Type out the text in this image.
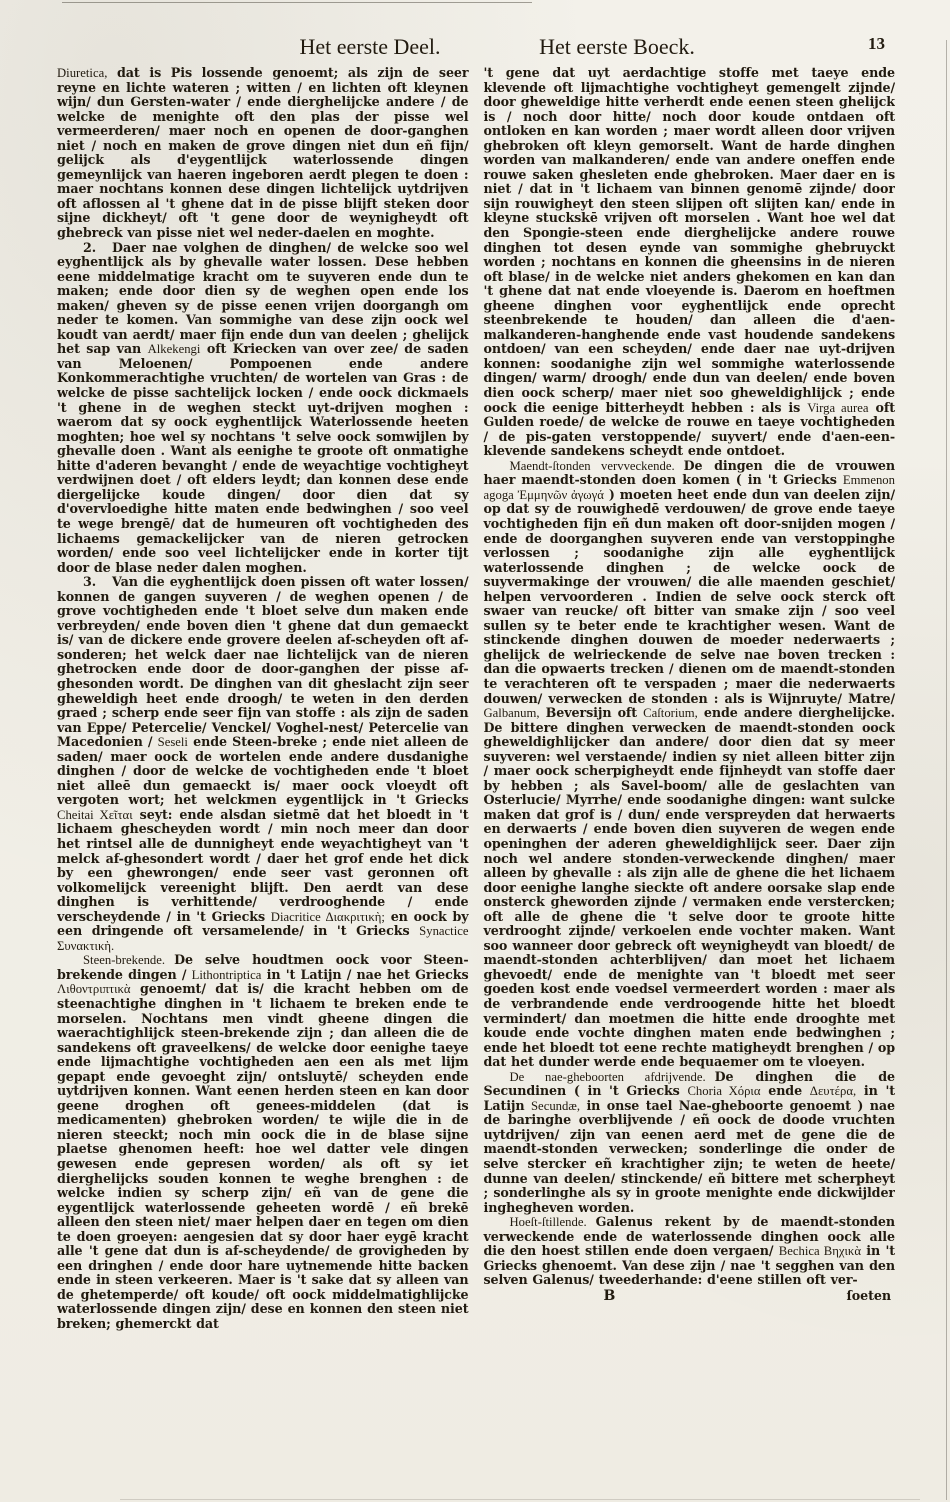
Het eerste Deel.	Het eerste Boeck.	13

Diuretica, dat is Pis lossende genoemt; als zijn de seer reyne en lichte wateren ; witten / en lichten oft kleynen wijn/ dun Gersten-water / ende dierghelijcke andere / de welcke de menighte oft den plas der pisse wel vermeerderen/ maer noch en openen de door-ganghen niet / noch en maken de grove dingen niet dun eñ fijn/ gelijck als d'eygentlijck waterlossende dingen gemeynlijck van haeren ingeboren aerdt plegen te doen : maer nochtans konnen dese dingen lichtelijck uytdrijven oft aflossen al 't ghene dat in de pisse blijft steken door sijne dickheyt/ oft 't gene door de weynigheydt oft ghebreck van pisse niet wel neder-daelen en moghte.

2. Daer nae volghen de dinghen/ de welcke soo wel eyghentlijck als by ghevalle water lossen. Dese hebben eene middelmatige kracht om te suyveren ende dun te maken; ende door dien sy de weghen open ende los maken/ gheven sy de pisse eenen vrijen doorgangh om neder te komen. Van sommighe van dese zijn oock wel koudt van aerdt/ maer fijn ende dun van deelen ; ghelijck het sap van Alkekengi oft Kriecken van over zee/ de saden van Meloenen/ Pompoenen ende andere Konkommerachtighe vruchten/ de wortelen van Gras : de welcke de pisse sachtelijck locken / ende oock dickmaels 't ghene in de weghen steckt uyt-drijven moghen : waerom dat sy oock eyghentlijck Waterlossende heeten moghten; hoe wel sy nochtans 't selve oock somwijlen by ghevalle doen . Want als eenighe te groote oft onmatighe hitte d'aderen bevanght / ende de weyachtige vochtigheyt verdwijnen doet / oft elders leydt; dan konnen dese ende diergelijcke koude dingen/ door dien dat sy d'overvloedighe hitte maten ende bedwinghen / soo veel te wege brengē/ dat de humeuren oft vochtigheden des lichaems gemackelijcker van de nieren getrocken worden/ ende soo veel lichtelijcker ende in korter tijt door de blase neder dalen moghen.

3. Van die eyghentlijck doen pissen oft water lossen/ konnen de gangen suyveren / de weghen openen / de grove vochtigheden ende 't bloet selve dun maken ende verbreyden/ ende boven dien 't ghene dat dun gemaeckt is/ van de dickere ende grovere deelen af-scheyden oft af-sonderen; het welck daer nae lichtelijck van de nieren ghetrocken ende door de door-ganghen der pisse af-ghesonden wordt. De dinghen van dit gheslacht zijn seer gheweldigh heet ende droogh/ te weten in den derden graed ; scherp ende seer fijn van stoffe : als zijn de saden van Eppe/ Petercelie/ Venckel/ Voghel-nest/ Petercelie van Macedonien / Seseli ende Steen-breke ; ende niet alleen de saden/ maer oock de wortelen ende andere dusdanighe dinghen / door de welcke de vochtigheden ende 't bloet niet alleē dun gemaeckt is/ maer oock vloeydt oft vergoten wort; het welckmen eygentlijck in 't Griecks Cheitai Χεῖται seyt: ende alsdan sietmē dat het bloedt in 't lichaem ghescheyden wordt / min noch meer dan door het rintsel alle de dunnigheyt ende weyachtigheyt van 't melck af-ghesondert wordt / daer het grof ende het dick by een ghewrongen/ ende seer vast geronnen oft volkomelijck vereenight blijft. Den aerdt van dese dinghen is verhittende/ verdrooghende / ende verscheydende / in 't Griecks Diacritice Διακριτικὴ; en oock by een dringende oft versamelende/ in 't Griecks Synactice Συνακτικὴ.

Steen-brekende. De selve houdtmen oock voor Steen-brekende dingen / Lithontriptica in 't Latijn / nae het Griecks Λιθοντριπτικὰ genoemt/ dat is/ die kracht hebben om de steenachtighe dinghen in 't lichaem te breken ende te morselen. Nochtans men vindt gheene dingen die waerachtighlijck steen-brekende zijn ; dan alleen die de sandekens oft graveelkens/ de welcke door eenighe taeye ende lijmachtighe vochtigheden aen een als met lijm gepapt ende gevoeght zijn/ ontsluytē/ scheyden ende uytdrijven konnen. Want eenen herden steen en kan door geene droghen oft genees-middelen (dat is medicamenten) ghebroken worden/ te wijle die in de nieren steeckt; noch min oock die in de blase sijne plaetse ghenomen heeft: hoe wel datter vele dingen gewesen ende gepresen worden/ als oft sy iet dierghelijcks souden konnen te weghe brenghen : de welcke indien sy scherp zijn/ eñ van de gene die eygentlijck waterlossende geheeten wordē / eñ brekē alleen den steen niet/ maer helpen daer en tegen om dien te doen groeyen: aengesien dat sy door haer eygē kracht alle 't gene dat dun is af-scheydende/ de grovigheden by een dringhen / ende door hare uytnemende hitte backen ende in steen verkeeren. Maer is 't sake dat sy alleen van de ghetemperde/ oft koude/ oft oock middelmatighlijcke waterlossende dingen zijn/ dese en konnen den steen niet breken; ghemerckt dat

't gene dat uyt aerdachtige stoffe met taeye ende klevende oft lijmachtighe vochtigheyt gemengelt zijnde/ door gheweldige hitte verherdt ende eenen steen ghelijck is / noch door hitte/ noch door koude ontdaen oft ontloken en kan worden ; maer wordt alleen door vrijven ghebroken oft kleyn gemorselt. Want de harde dinghen worden van malkanderen/ ende van andere oneffen ende rouwe saken ghesleten ende ghebroken. Maer daer en is niet / dat in 't lichaem van binnen genomē zijnde/ door sijn rouwigheyt den steen slijpen oft slijten kan/ ende in kleyne stuckskē vrijven oft morselen . Want hoe wel dat den Spongie-steen ende dierghelijcke andere rouwe dinghen tot desen eynde van sommighe ghebruyckt worden ; nochtans en konnen die gheensins in de nieren oft blase/ in de welcke niet anders ghekomen en kan dan 't ghene dat nat ende vloeyende is. Daerom en hoeftmen gheene dinghen voor eyghentlijck ende oprecht steenbrekende te houden/ dan alleen die d'aen-malkanderen-hanghende ende vast houdende sandekens ontdoen/ van een scheyden/ ende daer nae uyt-drijven konnen: soodanighe zijn wel sommighe waterlossende dingen/ warm/ droogh/ ende dun van deelen/ ende boven dien oock scherp/ maer niet soo gheweldighlijck ; ende oock die eenige bitterheydt hebben : als is Virga aurea oft Gulden roede/ de welcke de rouwe en taeye vochtigheden / de pis-gaten verstoppende/ suyvert/ ende d'aen-een-klevende sandekens scheydt ende ontdoet.

Maendt-ſtonden vervveckende. De dingen die de vrouwen haer maendt-stonden doen komen ( in 't Griecks Emmenon agoga Ἐμμηνῶν ἀγωγά ) moeten heet ende dun van deelen zijn/ op dat sy de rouwighedē verdouwen/ de grove ende taeye vochtigheden fijn eñ dun maken oft door-snijden mogen / ende de doorganghen suyveren ende van verstoppinghe verlossen ; soodanighe zijn alle eyghentlijck waterlossende dinghen ; de welcke oock de suyvermakinge der vrouwen/ die alle maenden geschiet/ helpen vervoorderen . Indien de selve oock sterck oft swaer van reucke/ oft bitter van smake zijn / soo veel sullen sy te beter ende te krachtigher wesen. Want de stinckende dinghen douwen de moeder nederwaerts ; ghelijck de welrieckende de selve nae boven trecken : dan die opwaerts trecken / dienen om de maendt-stonden te verachteren oft te verspaden ; maer die nederwaerts douwen/ verwecken de stonden : als is Wijnruyte/ Matre/ Galbanum, Beversijn oft Caſtorium, ende andere dierghelijcke. De bittere dinghen verwecken de maendt-stonden oock gheweldighlijcker dan andere/ door dien dat sy meer suyveren: wel verstaende/ indien sy niet alleen bitter zijn / maer oock scherpigheydt ende fijnheydt van stoffe daer by hebben ; als Savel-boom/ alle de geslachten van Osterlucie/ Myrrhe/ ende soodanighe dingen: want sulcke maken dat grof is / dun/ ende verspreyden dat herwaerts en derwaerts / ende boven dien suyveren de wegen ende openinghen der aderen gheweldighlijck seer. Daer zijn noch wel andere stonden-verweckende dinghen/ maer alleen by ghevalle : als zijn alle de ghene die het lichaem door eenighe langhe sieckte oft andere oorsake slap ende onsterck gheworden zijnde / vermaken ende verstercken; oft alle de ghene die 't selve door te groote hitte verdrooght zijnde/ verkoelen ende vochter maken. Want soo wanneer door gebreck oft weynigheydt van bloedt/ de maendt-stonden achterblijven/ dan moet het lichaem ghevoedt/ ende de menighte van 't bloedt met seer goeden kost ende voedsel vermeerdert worden : maer als de verbrandende ende verdroogende hitte het bloedt vermindert/ dan moetmen die hitte ende drooghte met koude ende vochte dinghen maten ende bedwinghen ; ende het bloedt tot eene rechte matigheydt brenghen / op dat het dunder werde ende bequaemer om te vloeyen.

De nae-gheboorten afdrijvende. De dinghen die de Secundinen ( in 't Griecks Choria Χόρια ende Δευτέρα, in 't Latijn Secundæ, in onse tael Nae-gheboorte genoemt ) nae de baringhe overblijvende / eñ oock de doode vruchten uytdrijven/ zijn van eenen aerd met de gene die de maendt-stonden verwecken; sonderlinge die onder de selve stercker eñ krachtigher zijn; te weten de heete/ dunne van deelen/ stinckende/ eñ bittere met scherpheyt ; sonderlinghe als sy in groote menighte ende dickwijlder inghegheven worden.

Hoeſt-ſtillende. Galenus rekent by de maendt-stonden verweckende ende de waterlossende dinghen oock alle die den hoest stillen ende doen vergaen/ Bechica Βηχικὰ in 't Griecks ghenoemt. Van dese zijn / nae 't segghen van den selven Galenus/ tweederhande: d'eene stillen oft ver-

B	ſoeten
